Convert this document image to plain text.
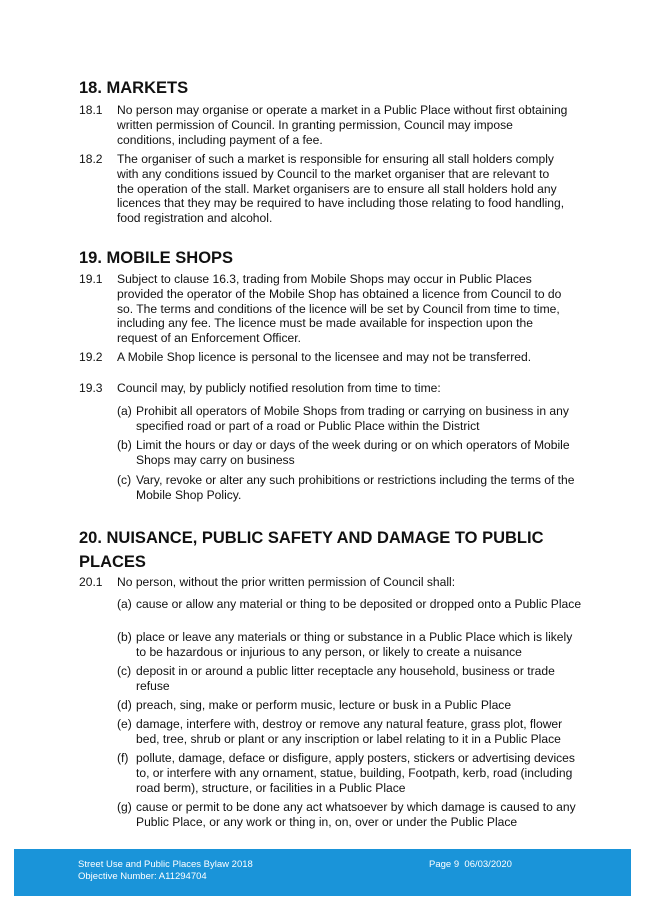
18. MARKETS
18.1 No person may organise or operate a market in a Public Place without first obtaining written permission of Council. In granting permission, Council may impose conditions, including payment of a fee.
18.2 The organiser of such a market is responsible for ensuring all stall holders comply with any conditions issued by Council to the market organiser that are relevant to the operation of the stall. Market organisers are to ensure all stall holders hold any licences that they may be required to have including those relating to food handling, food registration and alcohol.
19. MOBILE SHOPS
19.1 Subject to clause 16.3, trading from Mobile Shops may occur in Public Places provided the operator of the Mobile Shop has obtained a licence from Council to do so. The terms and conditions of the licence will be set by Council from time to time, including any fee. The licence must be made available for inspection upon the request of an Enforcement Officer.
19.2 A Mobile Shop licence is personal to the licensee and may not be transferred.
19.3 Council may, by publicly notified resolution from time to time:
(a) Prohibit all operators of Mobile Shops from trading or carrying on business in any specified road or part of a road or Public Place within the District
(b) Limit the hours or day or days of the week during or on which operators of Mobile Shops may carry on business
(c) Vary, revoke or alter any such prohibitions or restrictions including the terms of the Mobile Shop Policy.
20. NUISANCE, PUBLIC SAFETY AND DAMAGE TO PUBLIC
PLACES
20.1 No person, without the prior written permission of Council shall:
(a) cause or allow any material or thing to be deposited or dropped onto a Public Place
(b) place or leave any materials or thing or substance in a Public Place which is likely to be hazardous or injurious to any person, or likely to create a nuisance
(c) deposit in or around a public litter receptacle any household, business or trade refuse
(d) preach, sing, make or perform music, lecture or busk in a Public Place
(e) damage, interfere with, destroy or remove any natural feature, grass plot, flower bed, tree, shrub or plant or any inscription or label relating to it in a Public Place
(f) pollute, damage, deface or disfigure, apply posters, stickers or advertising devices to, or interfere with any ornament, statue, building, Footpath, kerb, road (including road berm), structure, or facilities in a Public Place
(g) cause or permit to be done any act whatsoever by which damage is caused to any Public Place, or any work or thing in, on, over or under the Public Place
Street Use and Public Places Bylaw 2018
Objective Number: A11294704
Page 9 06/03/2020
